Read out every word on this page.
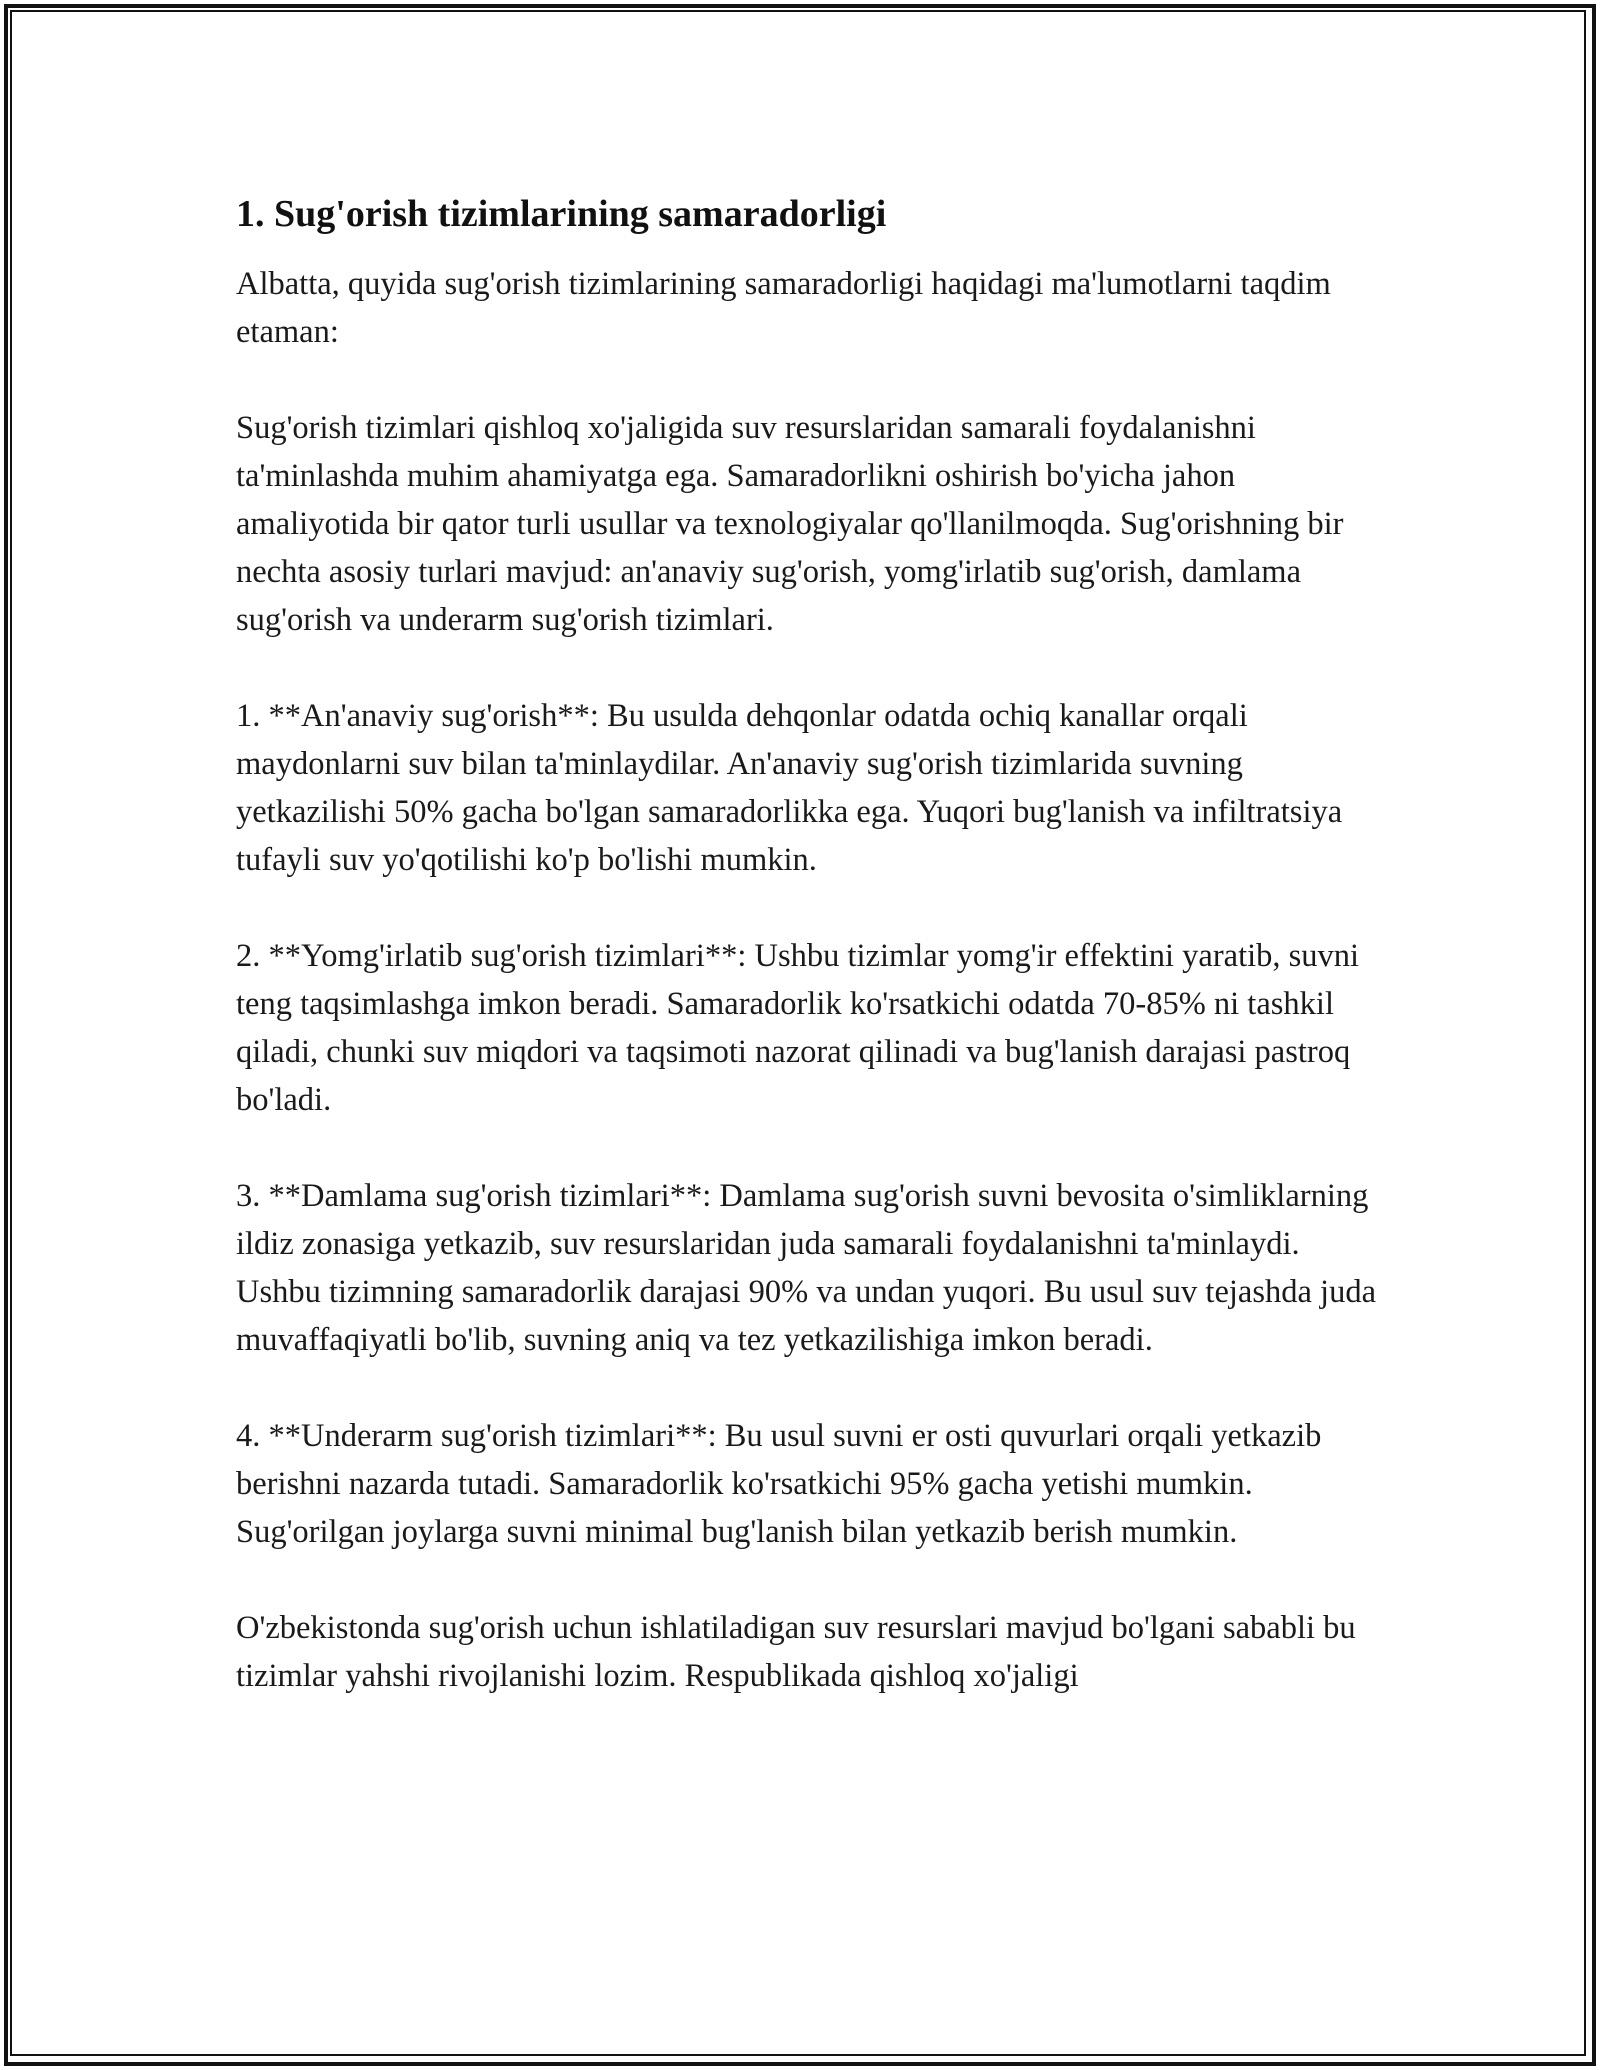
1. Sug'orish tizimlarining samaradorligi

Albatta, quyida sug'orish tizimlarining samaradorligi haqidagi ma'lumotlarni taqdim etaman:

Sug'orish tizimlari qishloq xo'jaligida suv resurslaridan samarali foydalanishni ta'minlashda muhim ahamiyatga ega. Samaradorlikni oshirish bo'yicha jahon amaliyotida bir qator turli usullar va texnologiyalar qo'llanilmoqda. Sug'orishning bir nechta asosiy turlari mavjud: an'anaviy sug'orish, yomg'irlatib sug'orish, damlama sug'orish va underarm sug'orish tizimlari.

1. **An'anaviy sug'orish**: Bu usulda dehqonlar odatda ochiq kanallar orqali maydonlarni suv bilan ta'minlaydilar. An'anaviy sug'orish tizimlarida suvning yetkazilishi 50% gacha bo'lgan samaradorlikka ega. Yuqori bug'lanish va infiltratsiya tufayli suv yo'qotilishi ko'p bo'lishi mumkin.

2. **Yomg'irlatib sug'orish tizimlari**: Ushbu tizimlar yomg'ir effektini yaratib, suvni teng taqsimlashga imkon beradi. Samaradorlik ko'rsatkichi odatda 70-85% ni tashkil qiladi, chunki suv miqdori va taqsimoti nazorat qilinadi va bug'lanish darajasi pastroq bo'ladi.

3. **Damlama sug'orish tizimlari**: Damlama sug'orish suvni bevosita o'simliklarning ildiz zonasiga yetkazib, suv resurslaridan juda samarali foydalanishni ta'minlaydi. Ushbu tizimning samaradorlik darajasi 90% va undan yuqori. Bu usul suv tejashda juda muvaffaqiyatli bo'lib, suvning aniq va tez yetkazilishiga imkon beradi.

4. **Underarm sug'orish tizimlari**: Bu usul suvni er osti quvurlari orqali yetkazib berishni nazarda tutadi. Samaradorlik ko'rsatkichi 95% gacha yetishi mumkin. Sug'orilgan joylarga suvni minimal bug'lanish bilan yetkazib berish mumkin.

O'zbekistonda sug'orish uchun ishlatiladigan suv resurslari mavjud bo'lgani sababli bu tizimlar yahshi rivojlanishi lozim. Respublikada qishloq xo'jaligi
